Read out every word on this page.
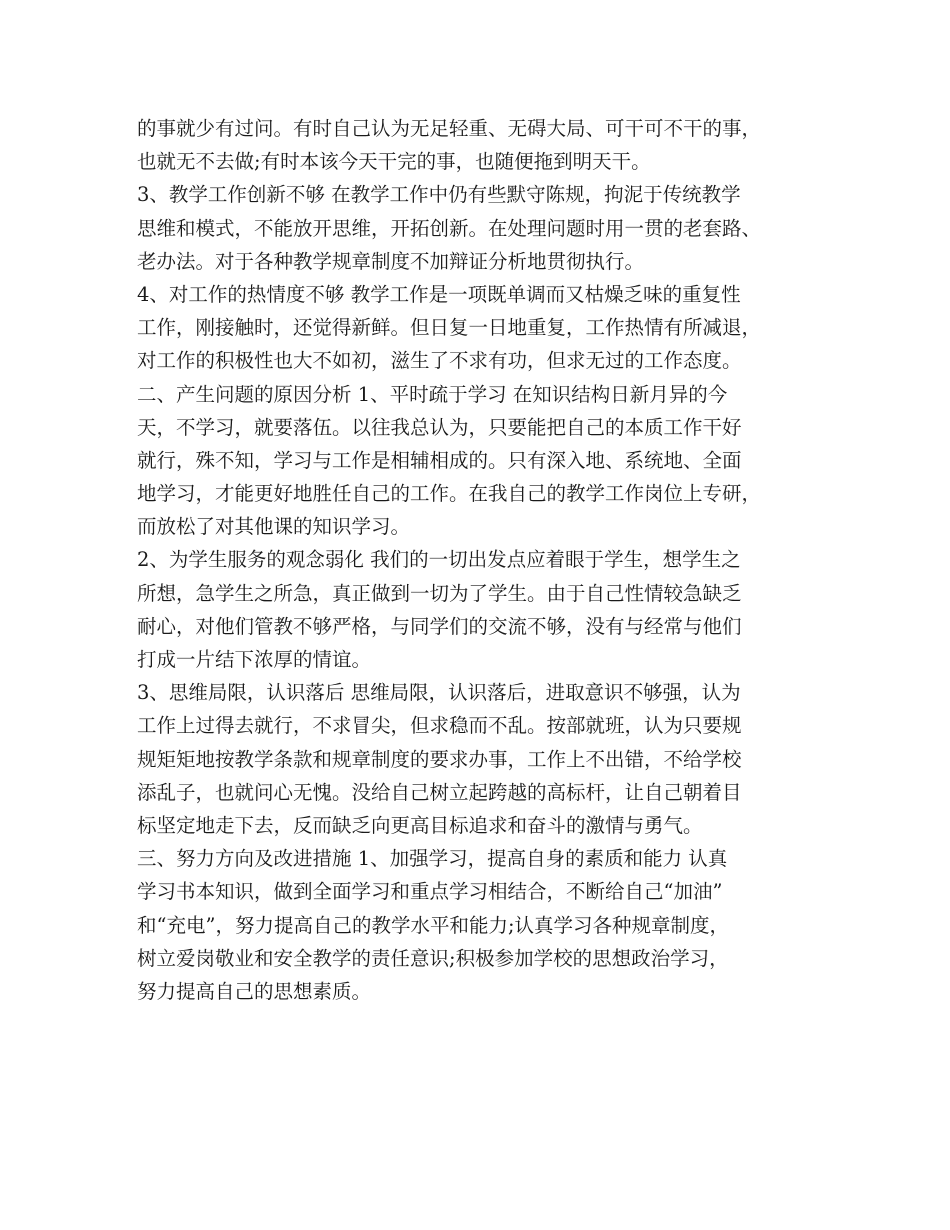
的事就少有过问。有时自己认为无足轻重、无碍大局、可干可不干的事，
也就无不去做;有时本该今天干完的事，也随便拖到明天干。
3、教学工作创新不够 在教学工作中仍有些默守陈规，拘泥于传统教学
思维和模式，不能放开思维，开拓创新。在处理问题时用一贯的老套路、
老办法。对于各种教学规章制度不加辩证分析地贯彻执行。
4、对工作的热情度不够 教学工作是一项既单调而又枯燥乏味的重复性
工作，刚接触时，还觉得新鲜。但日复一日地重复，工作热情有所减退，
对工作的积极性也大不如初，滋生了不求有功，但求无过的工作态度。
二、产生问题的原因分析 1、平时疏于学习 在知识结构日新月异的今
天，不学习，就要落伍。以往我总认为，只要能把自己的本质工作干好
就行，殊不知，学习与工作是相辅相成的。只有深入地、系统地、全面
地学习，才能更好地胜任自己的工作。在我自己的教学工作岗位上专研，
而放松了对其他课的知识学习。
2、为学生服务的观念弱化 我们的一切出发点应着眼于学生，想学生之
所想，急学生之所急，真正做到一切为了学生。由于自己性情较急缺乏
耐心，对他们管教不够严格，与同学们的交流不够，没有与经常与他们
打成一片结下浓厚的情谊。
3、思维局限，认识落后 思维局限，认识落后，进取意识不够强，认为
工作上过得去就行，不求冒尖，但求稳而不乱。按部就班，认为只要规
规矩矩地按教学条款和规章制度的要求办事，工作上不出错，不给学校
添乱子，也就问心无愧。没给自己树立起跨越的高标杆，让自己朝着目
标坚定地走下去，反而缺乏向更高目标追求和奋斗的激情与勇气。
三、努力方向及改进措施 1、加强学习，提高自身的素质和能力 认真
学习书本知识，做到全面学习和重点学习相结合，不断给自己“加油”
和“充电”，努力提高自己的教学水平和能力;认真学习各种规章制度，
树立爱岗敬业和安全教学的责任意识;积极参加学校的思想政治学习，
努力提高自己的思想素质。
